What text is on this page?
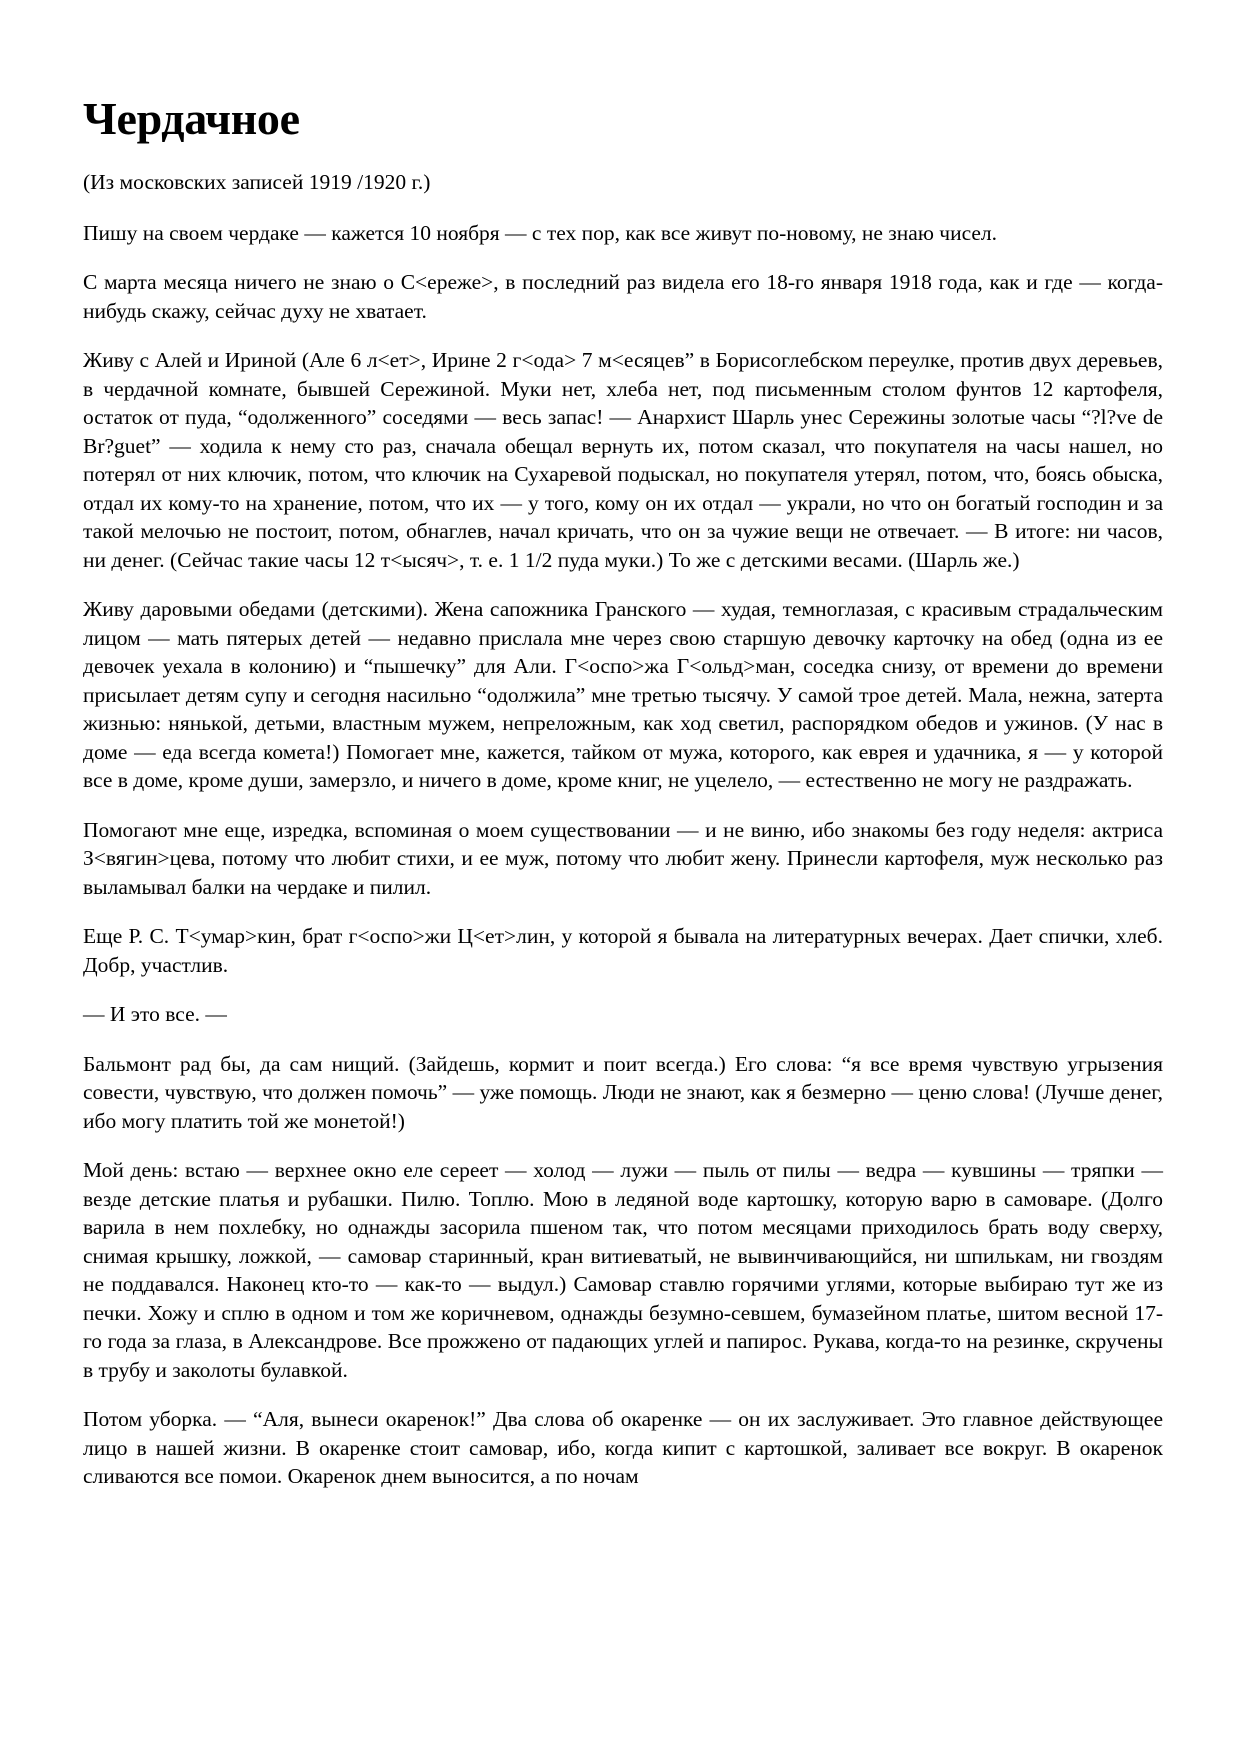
Чердачное

(Из московских записей 1919 /1920 г.)

Пишу на своем чердаке — кажется 10 ноября — с тех пор, как все живут по-новому, не знаю чисел.

С марта месяца ничего не знаю о С<ереже>, в последний раз видела его 18-го января 1918 года, как и где — когда-нибудь скажу, сейчас духу не хватает.

Живу с Алей и Ириной (Але 6 л<ет>, Ирине 2 г<ода> 7 м<есяцев” в Борисоглебском переулке, против двух деревьев, в чердачной комнате, бывшей Сережиной. Муки нет, хлеба нет, под письменным столом фунтов 12 картофеля, остаток от пуда, “одолженного” соседями — весь запас! — Анархист Шарль унес Сережины золотые часы “?l?ve de Br?guet” — ходила к нему сто раз, сначала обещал вернуть их, потом сказал, что покупателя на часы нашел, но потерял от них ключик, потом, что ключик на Сухаревой подыскал, но покупателя утерял, потом, что, боясь обыска, отдал их кому-то на хранение, потом, что их — у того, кому он их отдал — украли, но что он богатый господин и за такой мелочью не постоит, потом, обнаглев, начал кричать, что он за чужие вещи не отвечает. — В итоге: ни часов, ни денег. (Сейчас такие часы 12 т<ысяч>, т. е. 1 1/2 пуда муки.) То же с детскими весами. (Шарль же.)

Живу даровыми обедами (детскими). Жена сапожника Гранского — худая, темноглазая, с красивым страдальческим лицом — мать пятерых детей — недавно прислала мне через свою старшую девочку карточку на обед (одна из ее девочек уехала в колонию) и “пышечку” для Али. Г<оспо>жа Г<ольд>ман, соседка снизу, от времени до времени присылает детям супу и сегодня насильно “одолжила” мне третью тысячу. У самой трое детей. Мала, нежна, затерта жизнью: нянькой, детьми, властным мужем, непреложным, как ход светил, распорядком обедов и ужинов. (У нас в доме — еда всегда комета!) Помогает мне, кажется, тайком от мужа, которого, как еврея и удачника, я — у которой все в доме, кроме души, замерзло, и ничего в доме, кроме книг, не уцелело, — естественно не могу не раздражать.

Помогают мне еще, изредка, вспоминая о моем существовании — и не виню, ибо знакомы без году неделя: актриса З<вягин>цева, потому что любит стихи, и ее муж, потому что любит жену. Принесли картофеля, муж несколько раз выламывал балки на чердаке и пилил.

Еще Р. С. Т<умар>кин, брат г<оспо>жи Ц<ет>лин, у которой я бывала на литературных вечерах. Дает спички, хлеб. Добр, участлив.

— И это все. —

Бальмонт рад бы, да сам нищий. (Зайдешь, кормит и поит всегда.) Его слова: “я все время чувствую угрызения совести, чувствую, что должен помочь” — уже помощь. Люди не знают, как я безмерно — ценю слова! (Лучше денег, ибо могу платить той же монетой!)

Мой день: встаю — верхнее окно еле сереет — холод — лужи — пыль от пилы — ведра — кувшины — тряпки — везде детские платья и рубашки. Пилю. Топлю. Мою в ледяной воде картошку, которую варю в самоваре. (Долго варила в нем похлебку, но однажды засорила пшеном так, что потом месяцами приходилось брать воду сверху, снимая крышку, ложкой, — самовар старинный, кран витиеватый, не вывинчивающийся, ни шпилькам, ни гвоздям не поддавался. Наконец кто-то — как-то — выдул.) Самовар ставлю горячими углями, которые выбираю тут же из печки. Хожу и сплю в одном и том же коричневом, однажды безумно-севшем, бумазейном платье, шитом весной 17-го года за глаза, в Александрове. Все прожжено от падающих углей и папирос. Рукава, когда-то на резинке, скручены в трубу и заколоты булавкой.

Потом уборка. — “Аля, вынеси окаренок!” Два слова об окаренке — он их заслуживает. Это главное действующее лицо в нашей жизни. В окаренке стоит самовар, ибо, когда кипит с картошкой, заливает все вокруг. В окаренок сливаются все помои. Окаренок днем выносится, а по ночам
